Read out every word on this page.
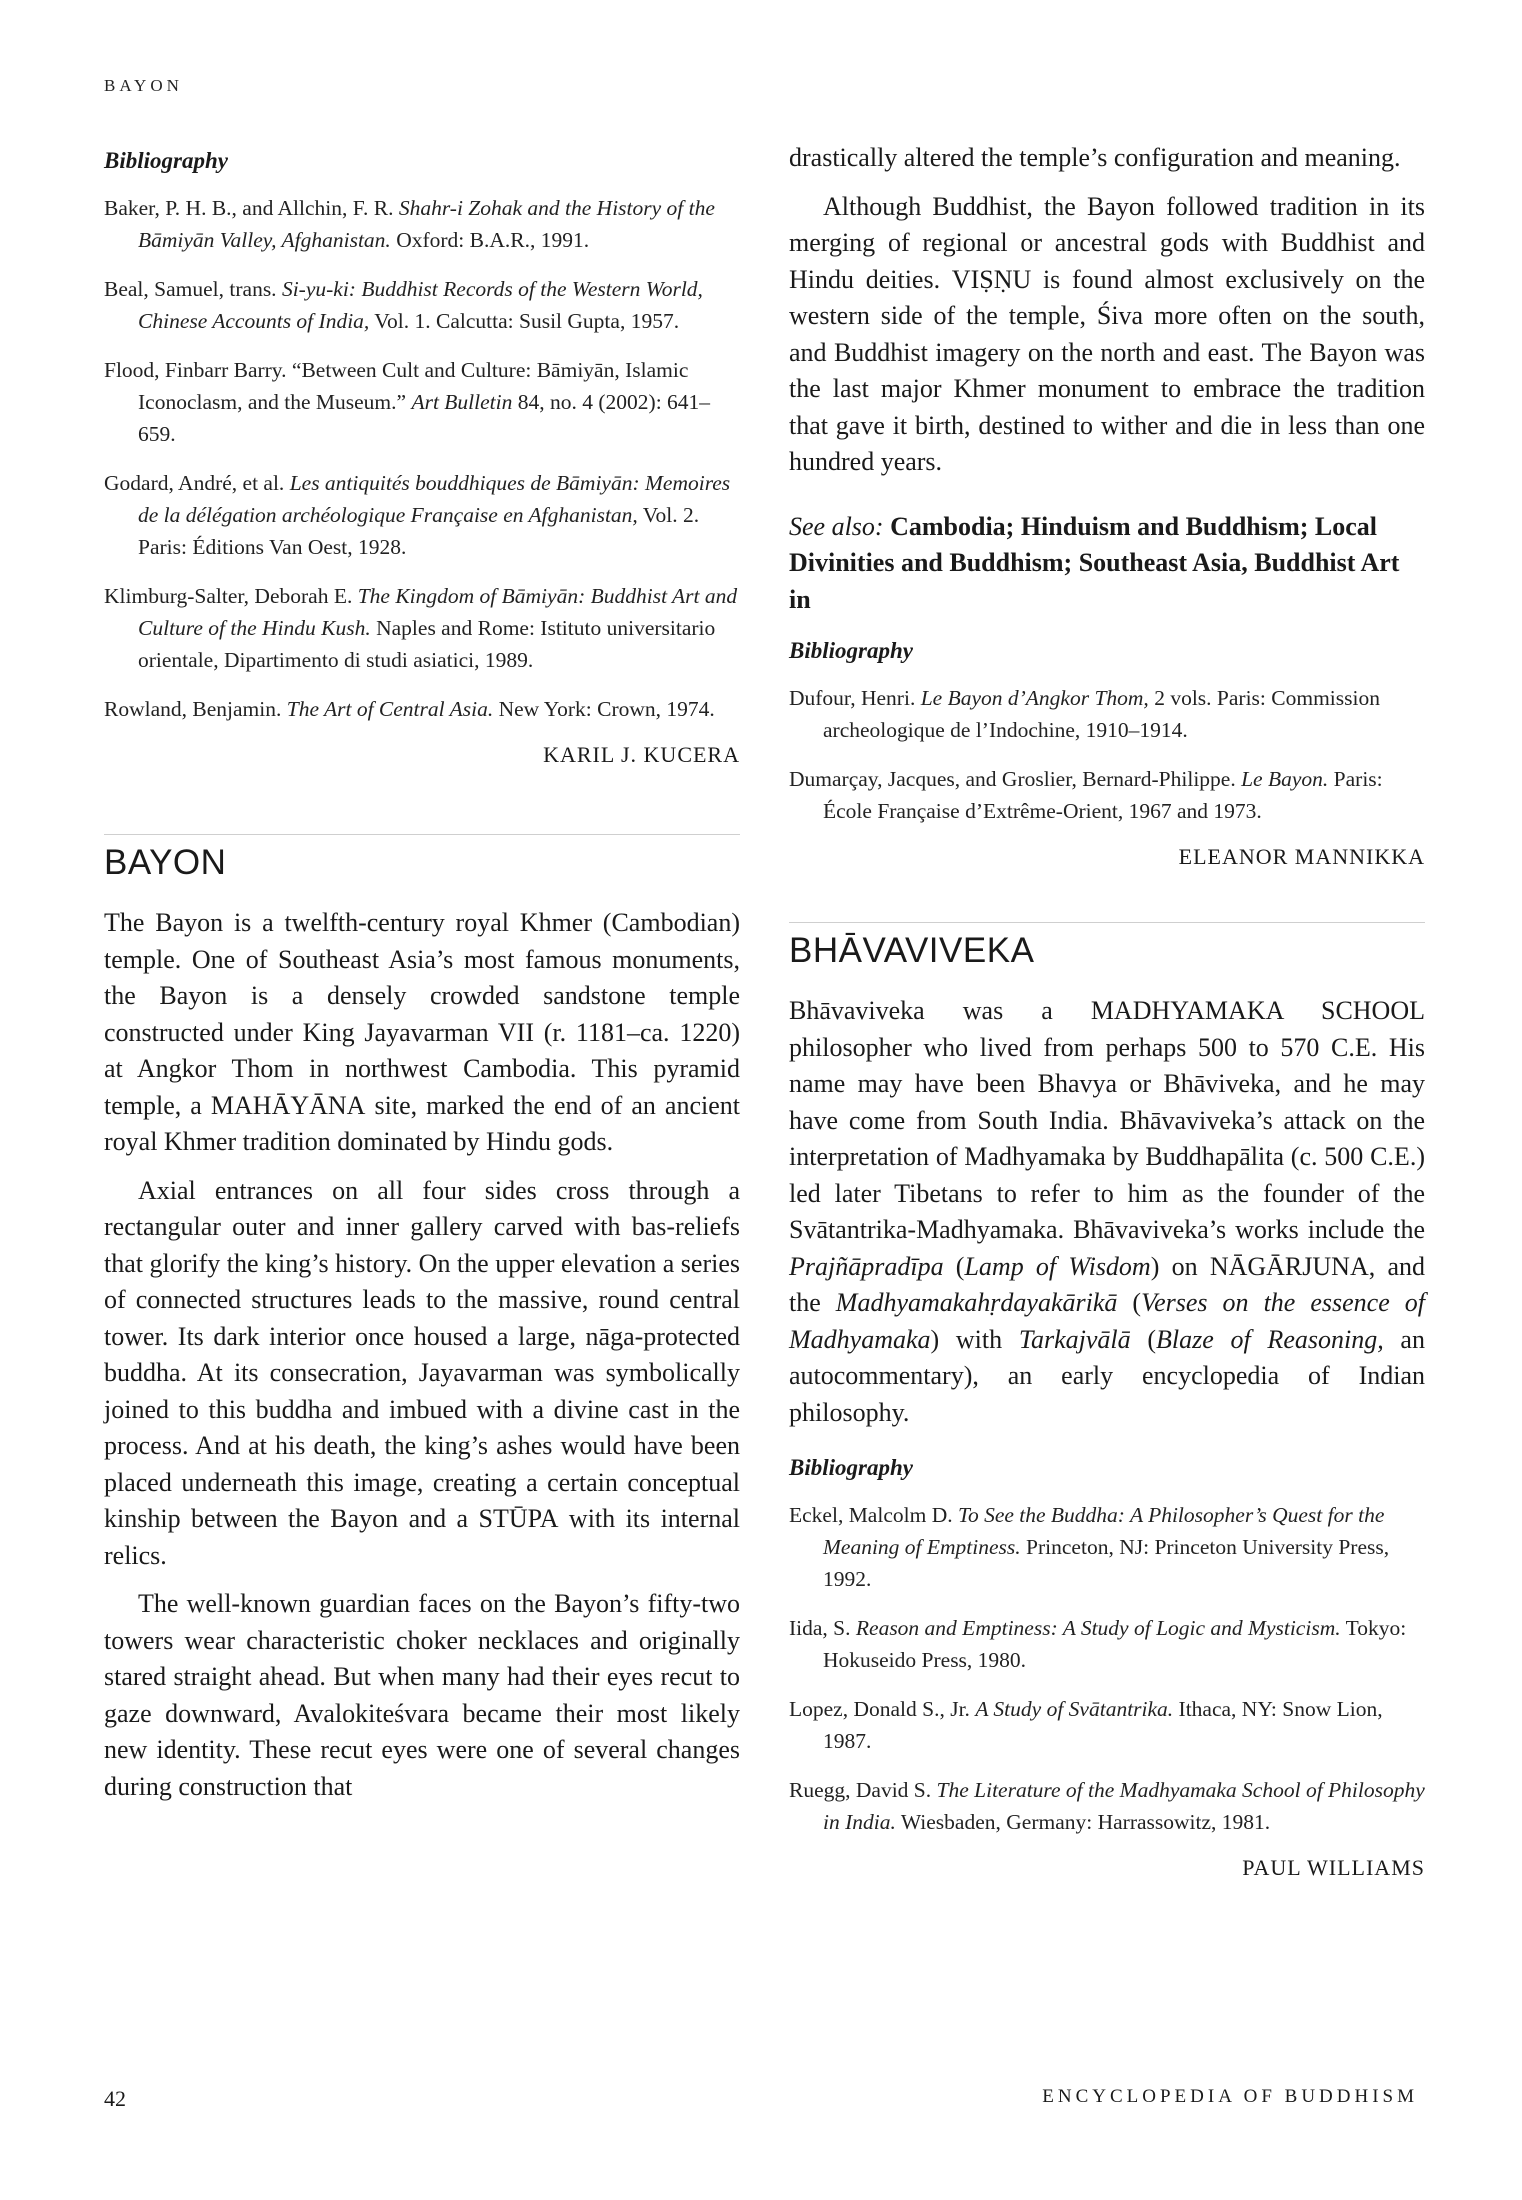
BAYON
Bibliography

Baker, P. H. B., and Allchin, F. R. Shahr-i Zohak and the History of the Bāmiyān Valley, Afghanistan. Oxford: B.A.R., 1991.

Beal, Samuel, trans. Si-yu-ki: Buddhist Records of the Western World, Chinese Accounts of India, Vol. 1. Calcutta: Susil Gupta, 1957.

Flood, Finbarr Barry. “Between Cult and Culture: Bāmiyān, Islamic Iconoclasm, and the Museum.” Art Bulletin 84, no. 4 (2002): 641–659.

Godard, André, et al. Les antiquités bouddhiques de Bāmiyān: Memoires de la délégation archéologique Française en Afghanistan, Vol. 2. Paris: Éditions Van Oest, 1928.

Klimburg-Salter, Deborah E. The Kingdom of Bāmiyān: Buddhist Art and Culture of the Hindu Kush. Naples and Rome: Istituto universitario orientale, Dipartimento di studi asiatici, 1989.

Rowland, Benjamin. The Art of Central Asia. New York: Crown, 1974.

KARIL J. KUCERA
BAYON

The Bayon is a twelfth-century royal Khmer (Cambodian) temple. One of Southeast Asia’s most famous monuments, the Bayon is a densely crowded sandstone temple constructed under King Jayavarman VII (r. 1181–ca. 1220) at Angkor Thom in northwest Cambodia. This pyramid temple, a MAHĀYĀNA site, marked the end of an ancient royal Khmer tradition dominated by Hindu gods.

Axial entrances on all four sides cross through a rectangular outer and inner gallery carved with bas-reliefs that glorify the king’s history. On the upper elevation a series of connected structures leads to the massive, round central tower. Its dark interior once housed a large, nāga-protected buddha. At its consecration, Jayavarman was symbolically joined to this buddha and imbued with a divine cast in the process. And at his death, the king’s ashes would have been placed underneath this image, creating a certain conceptual kinship between the Bayon and a STŪPA with its internal relics.

The well-known guardian faces on the Bayon’s fifty-two towers wear characteristic choker necklaces and originally stared straight ahead. But when many had their eyes recut to gaze downward, Avalokiteśvara became their most likely new identity. These recut eyes were one of several changes during construction that

drastically altered the temple’s configuration and meaning.

Although Buddhist, the Bayon followed tradition in its merging of regional or ancestral gods with Buddhist and Hindu deities. VIṢṆU is found almost exclusively on the western side of the temple, Śiva more often on the south, and Buddhist imagery on the north and east. The Bayon was the last major Khmer monument to embrace the tradition that gave it birth, destined to wither and die in less than one hundred years.

See also: Cambodia; Hinduism and Buddhism; Local Divinities and Buddhism; Southeast Asia, Buddhist Art in

Bibliography

Dufour, Henri. Le Bayon d’Angkor Thom, 2 vols. Paris: Commission archeologique de l’Indochine, 1910–1914.

Dumarçay, Jacques, and Groslier, Bernard-Philippe. Le Bayon. Paris: École Française d’Extrême-Orient, 1967 and 1973.

ELEANOR MANNIKKA
BHĀVAVIVEKA

Bhāvaviveka was a MADHYAMAKA SCHOOL philosopher who lived from perhaps 500 to 570 C.E. His name may have been Bhavya or Bhāviveka, and he may have come from South India. Bhāvaviveka’s attack on the interpretation of Madhyamaka by Buddhapālita (c. 500 C.E.) led later Tibetans to refer to him as the founder of the Svātantrika-Madhyamaka. Bhāvaviveka’s works include the Prajñāpradīpa (Lamp of Wisdom) on NĀGĀRJUNA, and the Madhyamakahṛdayakārikā (Verses on the essence of Madhyamaka) with Tarkajvālā (Blaze of Reasoning, an autocommentary), an early encyclopedia of Indian philosophy.

Bibliography

Eckel, Malcolm D. To See the Buddha: A Philosopher’s Quest for the Meaning of Emptiness. Princeton, NJ: Princeton University Press, 1992.

Iida, S. Reason and Emptiness: A Study of Logic and Mysticism. Tokyo: Hokuseido Press, 1980.

Lopez, Donald S., Jr. A Study of Svātantrika. Ithaca, NY: Snow Lion, 1987.

Ruegg, David S. The Literature of the Madhyamaka School of Philosophy in India. Wiesbaden, Germany: Harrassowitz, 1981.

PAUL WILLIAMS
42	ENCYCLOPEDIA OF BUDDHISM
